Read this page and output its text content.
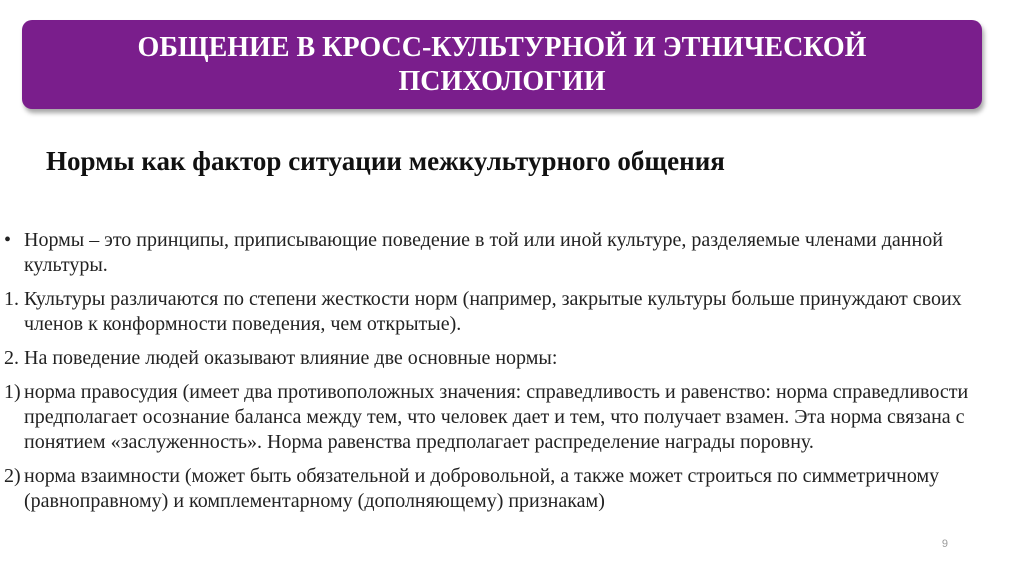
ОБЩЕНИЕ В КРОСС-КУЛЬТУРНОЙ И ЭТНИЧЕСКОЙ
ПСИХОЛОГИИ
Нормы как фактор ситуации межкультурного общения
• Нормы – это принципы, приписывающие поведение в той или иной культуре, разделяемые членами данной культуры.
1. Культуры различаются по степени жесткости норм (например, закрытые культуры больше принуждают своих членов к конформности поведения, чем открытые).
2. На поведение людей оказывают влияние две основные нормы:
1) норма правосудия (имеет два противоположных значения: справедливость и равенство: норма справедливости предполагает осознание баланса между тем, что человек дает и тем, что получает взамен. Эта норма связана с понятием «заслуженность». Норма равенства предполагает распределение награды поровну.
2) норма взаимности (может быть обязательной и добровольной, а также может строиться по симметричному (равноправному) и комплементарному (дополняющему) признакам)
9
